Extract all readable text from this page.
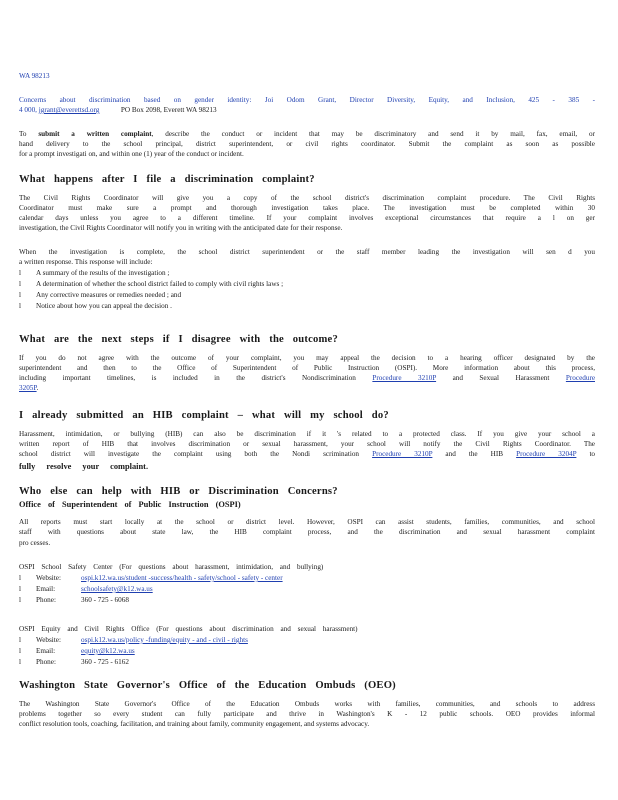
WA 98213
Concerns about discrimination based on gender identity: Joi Odom Grant, Director Diversity, Equity, and Inclusion, 425 - 385 -
4 000, jgrant@everettsd.org	PO Box 2098, Everett WA 98213
To submit a written complaint, describe the conduct or incident that may be discriminatory and send it by mail, fax, email, or
hand delivery to the school principal, district superintendent, or civil rights coordinator. Submit the complaint as soon as possible
for a prompt investigati on, and within one (1) year of the conduct or incident.
What happens after I file a discrimination complaint?
The Civil Rights Coordinator will give you a copy of the school district's discrimination complaint procedure. The Civil Rights
Coordinator must make sure a prompt and thorough investigation takes place. The investigation must be completed within 30
calendar days unless you agree to a different timeline. If your complaint involves exceptional circumstances that require a l on ger
investigation, the Civil Rights Coordinator will notify you in writing with the anticipated date for their response.
When the investigation is complete, the school district superintendent or the staff member leading the investigation will sen d you
a written response. This response will include:
l A summary of the results of the investigation ;
l A determination of whether the school district failed to comply with civil rights laws ;
l Any corrective measures or remedies needed ; and
l Notice about how you can appeal the decision .
What are the next steps if I disagree with the outcome?
If you do not agree with the outcome of your complaint, you may appeal the decision to a hearing officer designated by the
superintendent and then to the Office of Superintendent of Public Instruction (OSPI). More information about this process,
including important timelines, is included in the district's Nondiscrimination Procedure 3210P and Sexual Harassment Procedure
3205P.
I already submitted an HIB complaint – what will my school do?
Harassment, intimidation, or bullying (HIB) can also be discrimination if it 's related to a protected class. If you give your school a
written report of HIB that involves discrimination or sexual harassment, your school will notify the Civil Rights Coordinator. The
school district will investigate the complaint using both the Nondi scrimination Procedure 3210P and the HIB Procedure 3204P to
fully resolve your complaint.
Who else can help with HIB or Discrimination Concerns?
Office of Superintendent of Public Instruction (OSPI)
All reports must start locally at the school or district level. However, OSPI can assist students, families, communities, and school
staff with questions about state law, the HIB complaint process, and the discrimination and sexual harassment complaint
pro cesses.
OSPI School Safety Center (For questions about harassment, intimidation, and bullying)
l Website:	ospi.k12.wa.us/student -success/health - safety/school - safety - center
l Email:	schoolsafety@k12.wa.us
l Phone:	360 - 725 - 6068
OSPI Equity and Civil Rights Office (For questions about discrimination and sexual harassment)
l Website:	ospi.k12.wa.us/policy -funding/equity - and - civil - rights
l Email:	equity@k12.wa.us
l Phone:	360 - 725 - 6162
Washington State Governor's Office of the Education Ombuds (OEO)
The Washington State Governor's Office of the Education Ombuds works with families, communities, and schools to address
problems together so every student can fully participate and thrive in Washington's K - 12 public schools. OEO provides informal
conflict resolution tools, coaching, facilitation, and training about family, community engagement, and systems advocacy.
